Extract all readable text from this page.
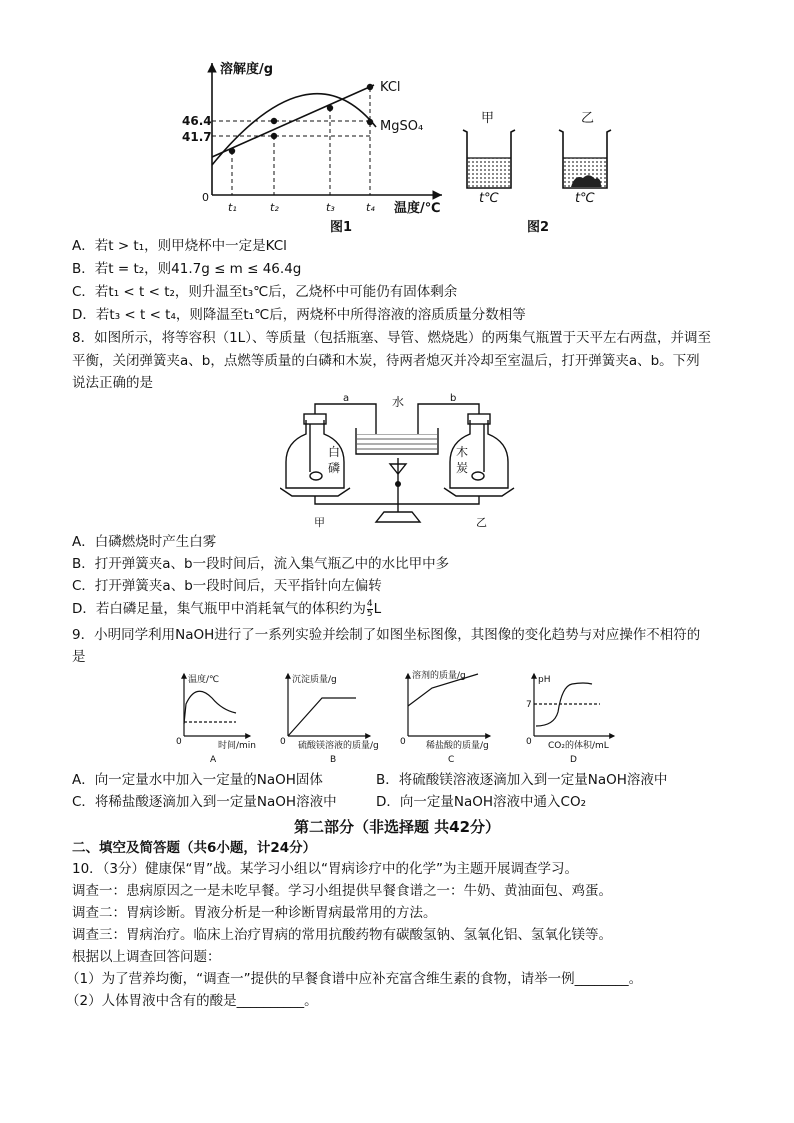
溶解度/g
温度/℃
0
46.4
41.7
KCl
MgSO₄
t₁	t₂	t₃	t₄
图1
甲	乙
t℃	t℃
图2
A．若t > t₁，则甲烧杯中一定是KCl
B．若t = t₂，则41.7g ≤ m ≤ 46.4g
C．若t₁ < t < t₂，则升温至t₃℃后，乙烧杯中可能仍有固体剩余
D．若t₃ < t < t₄，则降温至t₁℃后，两烧杯中所得溶液的溶质质量分数相等
8．如图所示，将等容积（1L）、等质量（包括瓶塞、导管、燃烧匙）的两集气瓶置于天平左右两盘，并调至
平衡，关闭弹簧夹a、b，点燃等质量的白磷和木炭，待两者熄灭并冷却至室温后，打开弹簧夹a、b。下列
说法正确的是
水
a	b
白
磷
木
炭
甲	乙
A．白磷燃烧时产生白雾
B．打开弹簧夹a、b一段时间后，流入集气瓶乙中的水比甲中多
C．打开弹簧夹a、b一段时间后，天平指针向左偏转
D．若白磷足量，集气瓶甲中消耗氧气的体积约为 $\frac{4}{5}$ L
9．小明同学利用NaOH进行了一系列实验并绘制了如图坐标图像，其图像的变化趋势与对应操作不相符的
是
温度/℃
时间/min
0
A
沉淀质量/g
硫酸镁溶液的质量/g
0
B
溶剂的质量/g
稀盐酸的质量/g
0
C
pH
7
CO₂的体积/mL
0
D
A．向一定量水中加入一定量的NaOH固体	B．将硫酸镁溶液逐滴加入到一定量NaOH溶液中
C．将稀盐酸逐滴加入到一定量NaOH溶液中	D．向一定量NaOH溶液中通入CO₂
第二部分（非选择题 共42分）
二、填空及简答题（共6小题，计24分）
10．（3分）健康保“胃”战。某学习小组以“胃病诊疗中的化学”为主题开展调查学习。
调查一：患病原因之一是未吃早餐。学习小组提供早餐食谱之一：牛奶、黄油面包、鸡蛋。
调查二：胃病诊断。胃液分析是一种诊断胃病最常用的方法。
调查三：胃病治疗。临床上治疗胃病的常用抗酸药物有碳酸氢钠、氢氧化铝、氢氧化镁等。
根据以上调查回答问题：
（1）为了营养均衡，“调查一”提供的早餐食谱中应补充富含维生素的食物，请举一例________。
（2）人体胃液中含有的酸是__________。
